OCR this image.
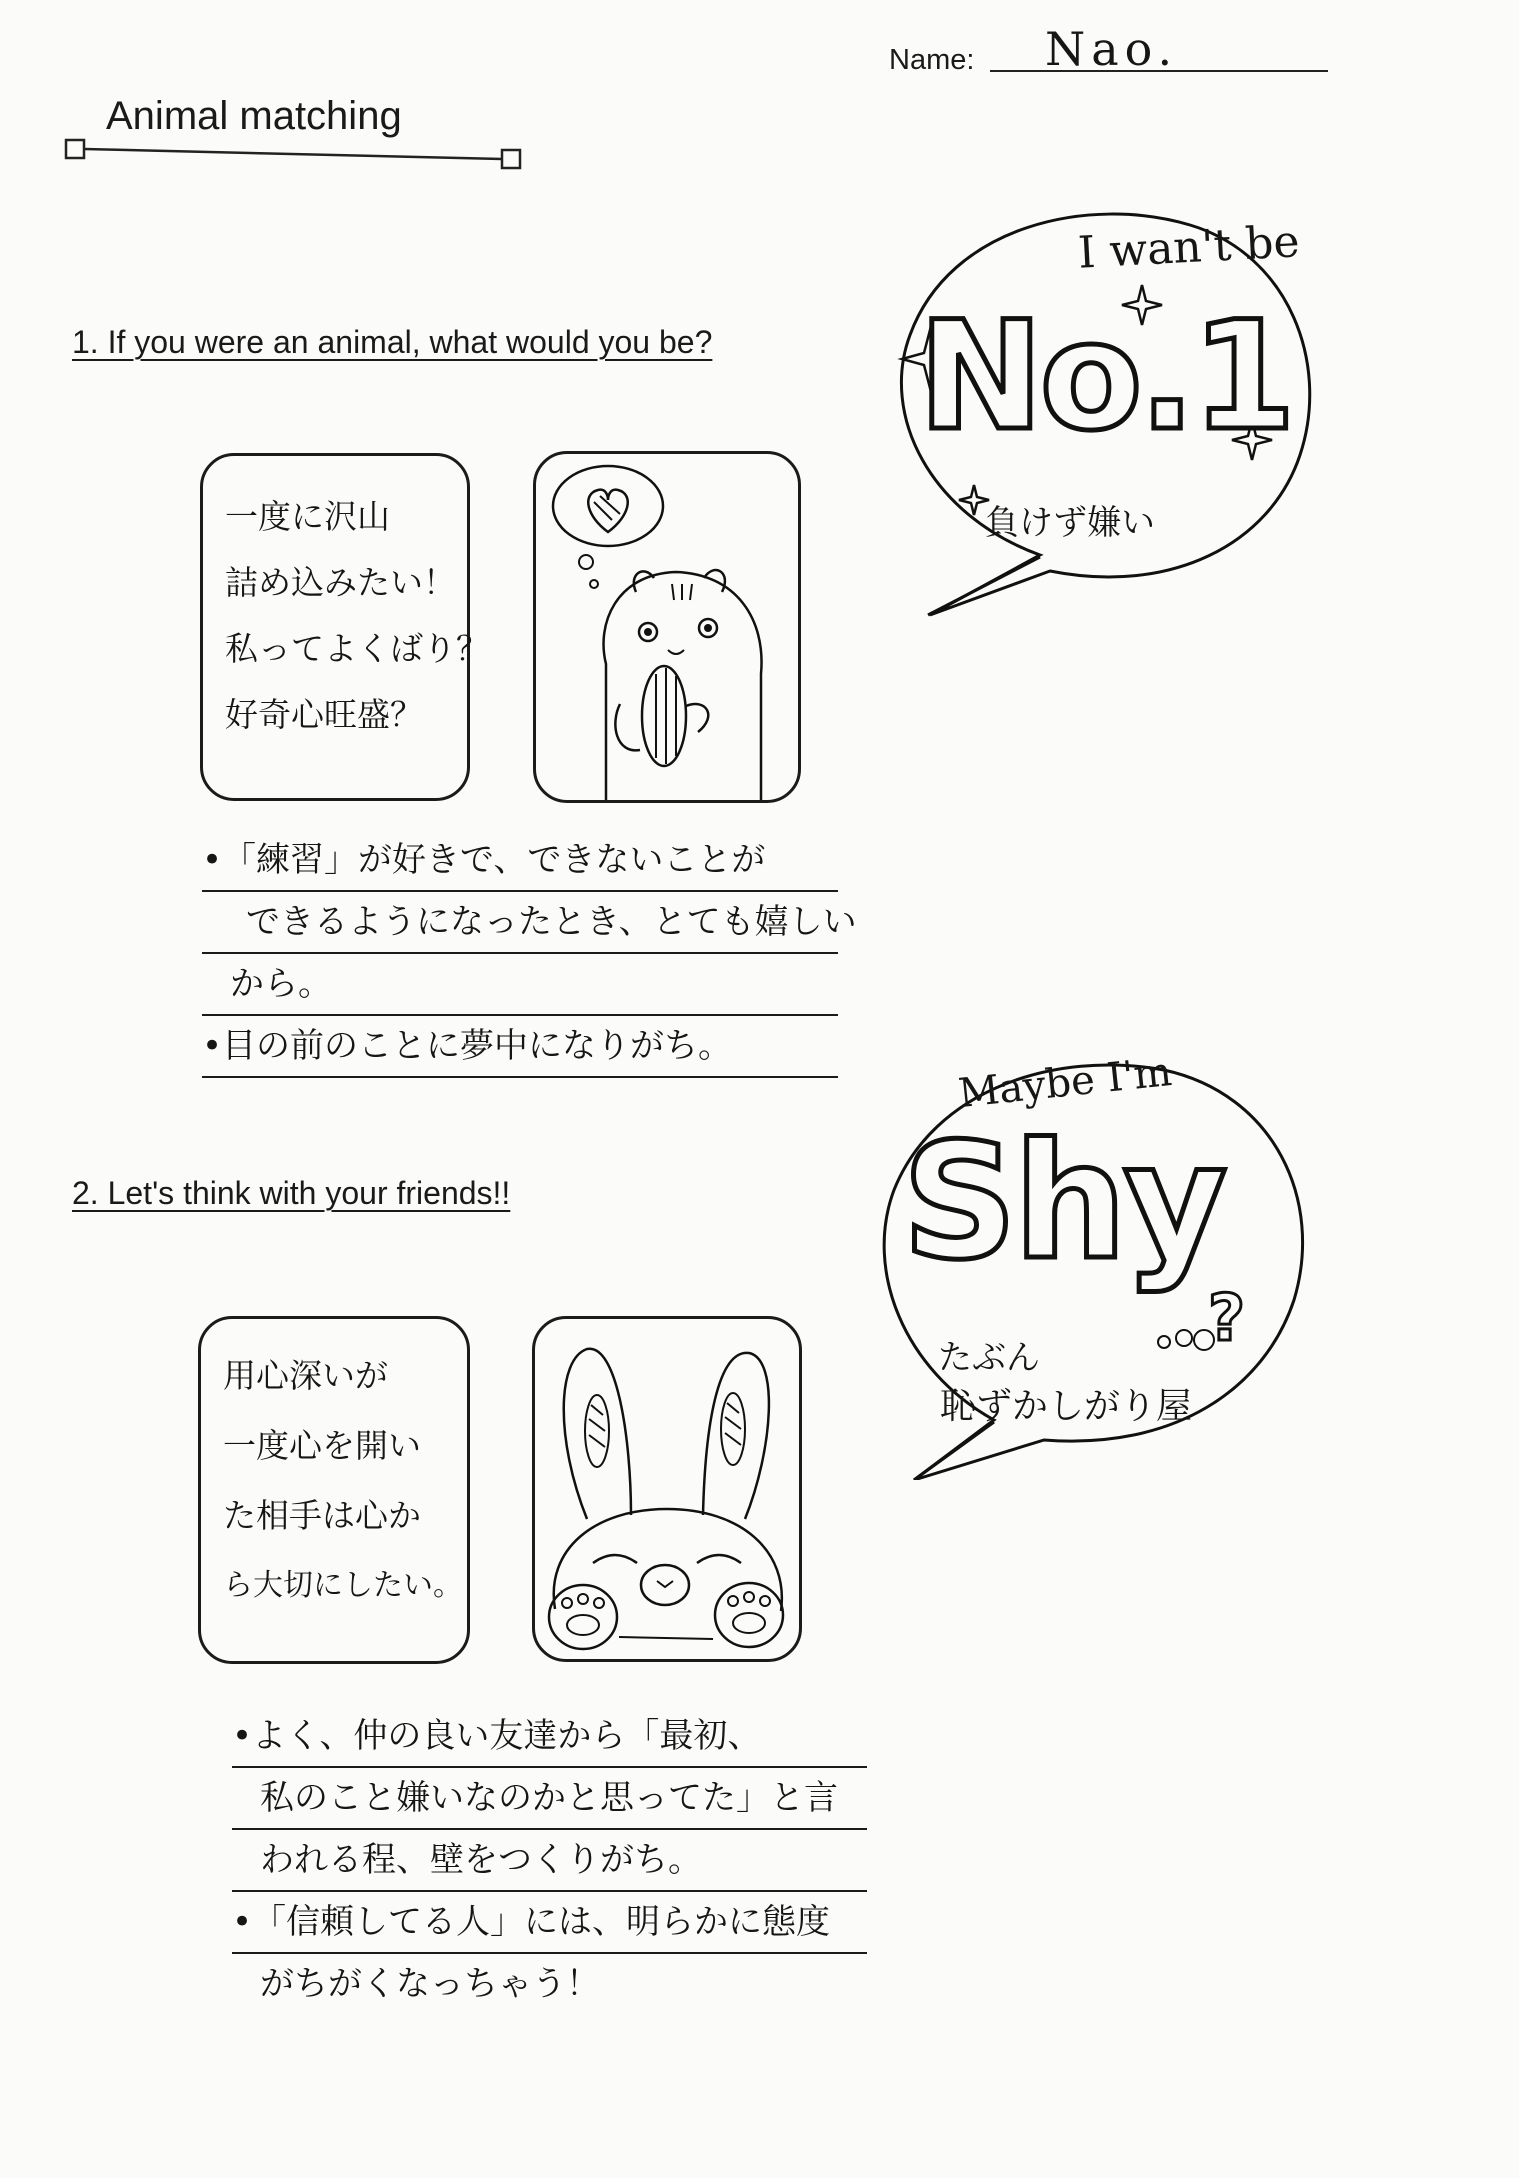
Name: Nao.
Animal matching
1. If you were an animal, what would you be?
一度に沢山
詰め込みたい！
私ってよくばり？
好奇心旺盛？
•「練習」が好きで、できないことが
できるようになったとき、とても嬉しい
から。
•目の前のことに夢中になりがち。
2. Let's think with your friends!!
用心深いが
一度心を開い
た相手は心か
ら大切にしたい。
•よく、仲の良い友達から「最初、
私のこと嫌いなのかと思ってた」と言
われる程、壁をつくりがち。
•「信頼してる人」には、明らかに態度
がちがくなっちゃう！
I wan't be
No.1
負けず嫌い
Maybe I'm
Shy
?
たぶん
恥ずかしがり屋
